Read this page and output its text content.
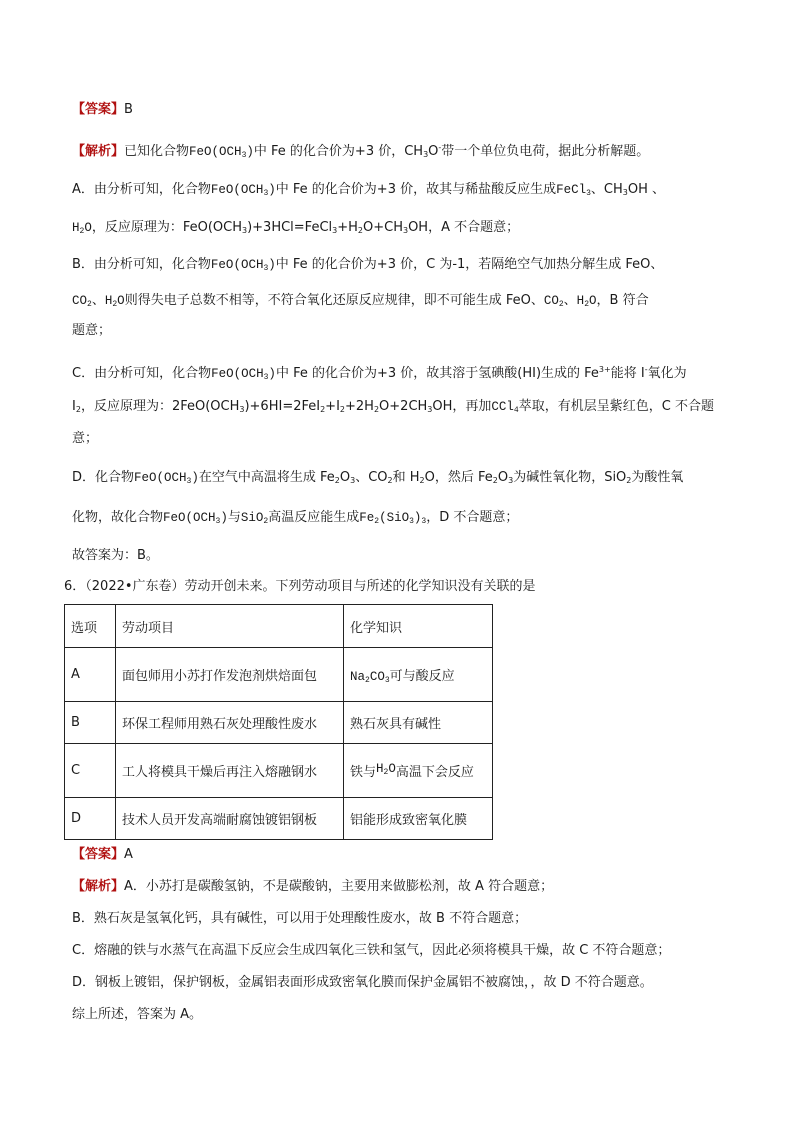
【答案】B
【解析】已知化合物$FeO(OCH_3)$中 Fe 的化合价为+3 价，$CH_3O^-$带一个单位负电荷，据此分析解题。
A．由分析可知，化合物$FeO(OCH_3)$中 Fe 的化合价为+3 价，故其与稀盐酸反应生成FeCl$_3$、$CH_3OH$ 、
$H_2O$，反应原理为：$FeO(OCH_3)+3HCl=FeCl_3+H_2O+CH_3OH$，A 不合题意；
B．由分析可知，化合物$FeO(OCH_3)$中 Fe 的化合价为+3 价，C 为-1，若隔绝空气加热分解生成 FeO、
$CO_2$、$H_2O$则得失电子总数不相等，不符合氧化还原反应规律，即不可能生成 FeO、$CO_2$、$H_2O$，B 符合
题意；
C．由分析可知，化合物$FeO(OCH_3)$中 Fe 的化合价为+3 价，故其溶于氢碘酸(HI)生成的 $Fe^{3+}$能将 I-氧化为
$I_2$，反应原理为：$2FeO(OCH_3)+6HI=2FeI_2+I_2+2H_2O+2CH_3OH$，再加CCl$_4$萃取，有机层呈紫红色，C 不合题
意；
D．化合物$FeO(OCH_3)$在空气中高温将生成 $Fe_2O_3$、$CO_2$和 $H_2O$，然后 $Fe_2O_3$为碱性氧化物，SiO$_2$为酸性氧
化物，故化合物$FeO(OCH_3)$与SiO$_2$高温反应能生成$Fe_2(SiO_3)_3$，D 不合题意；
故答案为：B。
6．（2022•广东卷）劳动开创未来。下列劳动项目与所述的化学知识没有关联的是
选项	劳动项目	化学知识
A	面包师用小苏打作发泡剂烘焙面包	$Na_2CO_3$可与酸反应
B	环保工程师用熟石灰处理酸性废水	熟石灰具有碱性
C	工人将模具干燥后再注入熔融钢水	铁与$H_2O$高温下会反应
D	技术人员开发高端耐腐蚀镀铝钢板	铝能形成致密氧化膜
【答案】A
【解析】A．小苏打是碳酸氢钠，不是碳酸钠，主要用来做膨松剂，故 A 符合题意；
B．熟石灰是氢氧化钙，具有碱性，可以用于处理酸性废水，故 B 不符合题意；
C．熔融的铁与水蒸气在高温下反应会生成四氧化三铁和氢气，因此必须将模具干燥，故 C 不符合题意；
D．钢板上镀铝，保护钢板，金属铝表面形成致密氧化膜而保护金属铝不被腐蚀，，故 D 不符合题意。
综上所述，答案为 A。
